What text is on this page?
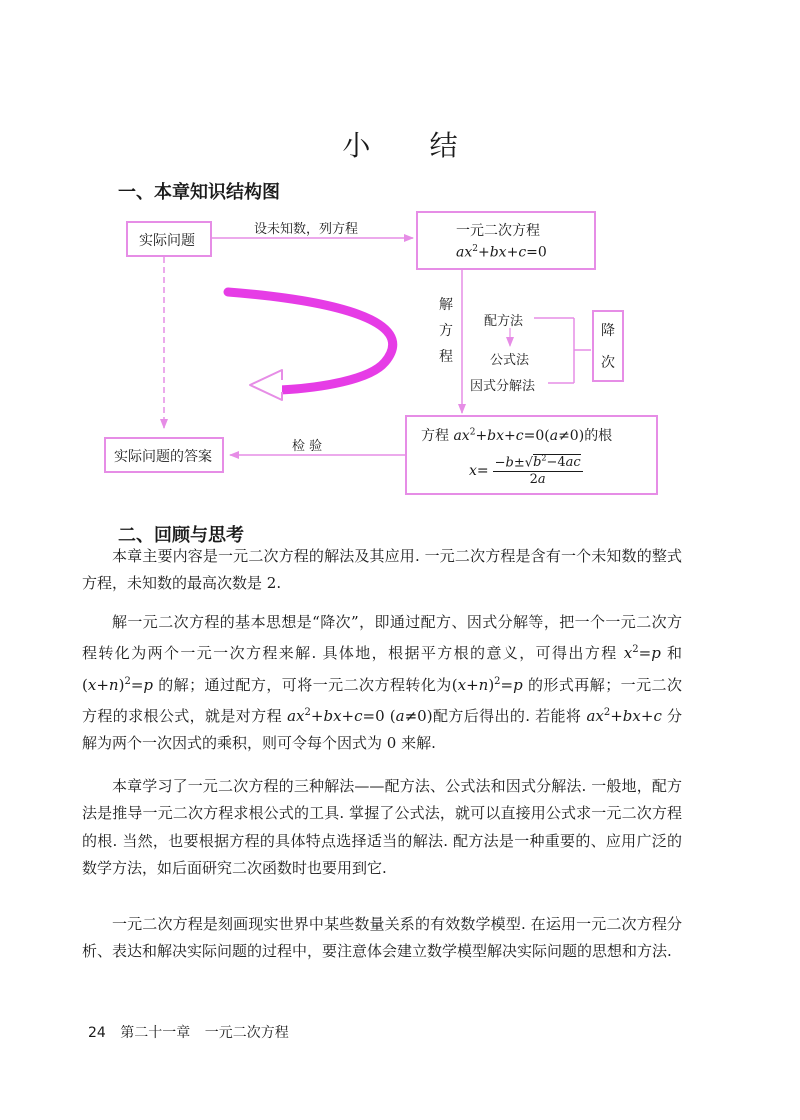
小 结
一、本章知识结构图
实际问题
一元二次方程
$ax^2+bx+c=0$
解
方
程
配方法
公式法
因式分解法
降
次
方程 $ax^2+bx+c=0(a\ne 0)$的根
$x = -b\pm√b^2-4ac$
2a
实际问题的答案
设未知数，列方程
检 验
二、回顾与思考

本章主要内容是一元二次方程的解法及其应用. 一元二次方程是含有一个未知数的整式方程，未知数的最高次数是 2.

解一元二次方程的基本思想是“降次”，即通过配方、因式分解等，把一个一元二次方程转化为两个一元一次方程来解. 具体地，根据平方根的意义，可得出方程 $x^2=p$ 和$(x+n)^2=p$ 的解；通过配方，可将一元二次方程转化为$(x+n)^2=p$ 的形式再解；一元二次方程的求根公式，就是对方程 $ax^2+bx+c=0$ (a≠0)配方后得出的. 若能将 $ax^2+bx+c$ 分解为两个一次因式的乘积，则可令每个因式为 0 来解.

本章学习了一元二次方程的三种解法——配方法、公式法和因式分解法. 一般地，配方法是推导一元二次方程求根公式的工具. 掌握了公式法，就可以直接用公式求一元二次方程的根. 当然，也要根据方程的具体特点选择适当的解法. 配方法是一种重要的、应用广泛的数学方法，如后面研究二次函数时也要用到它.

一元二次方程是刻画现实世界中某些数量关系的有效数学模型. 在运用一元二次方程分析、表达和解决实际问题的过程中，要注意体会建立数学模型解决实际问题的思想和方法.

24 第二十一章 一元二次方程
